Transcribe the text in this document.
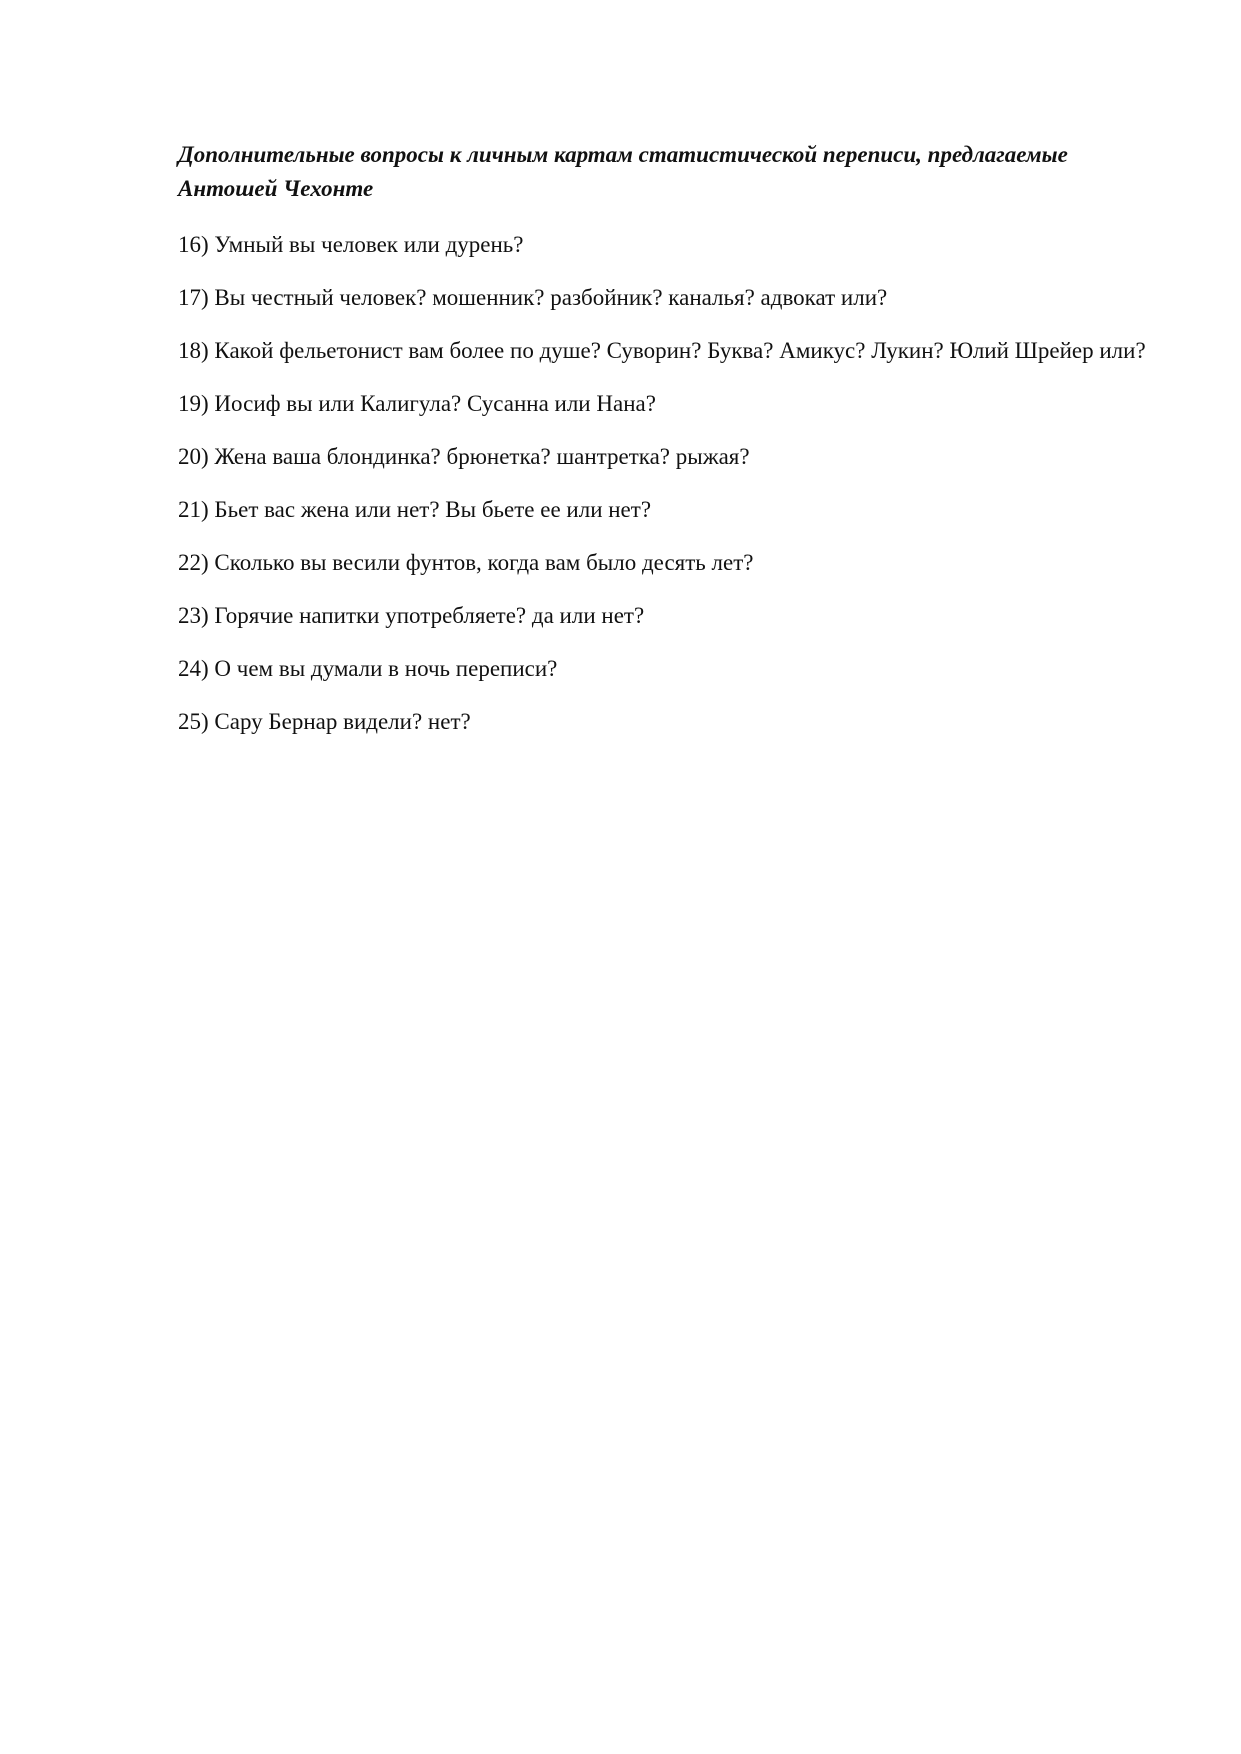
Дополнительные вопросы к личным картам статистической переписи, предлагаемые Антошей Чехонте
16) Умный вы человек или дурень?
17) Вы честный человек? мошенник? разбойник? каналья? адвокат или?
18) Какой фельетонист вам более по душе? Суворин? Буква? Амикус? Лукин? Юлий Шрейер или?
19) Иосиф вы или Калигула? Сусанна или Нана?
20) Жена ваша блондинка? брюнетка? шантретка? рыжая?
21) Бьет вас жена или нет? Вы бьете ее или нет?
22) Сколько вы весили фунтов, когда вам было десять лет?
23) Горячие напитки употребляете? да или нет?
24) О чем вы думали в ночь переписи?
25) Сару Бернар видели? нет?
